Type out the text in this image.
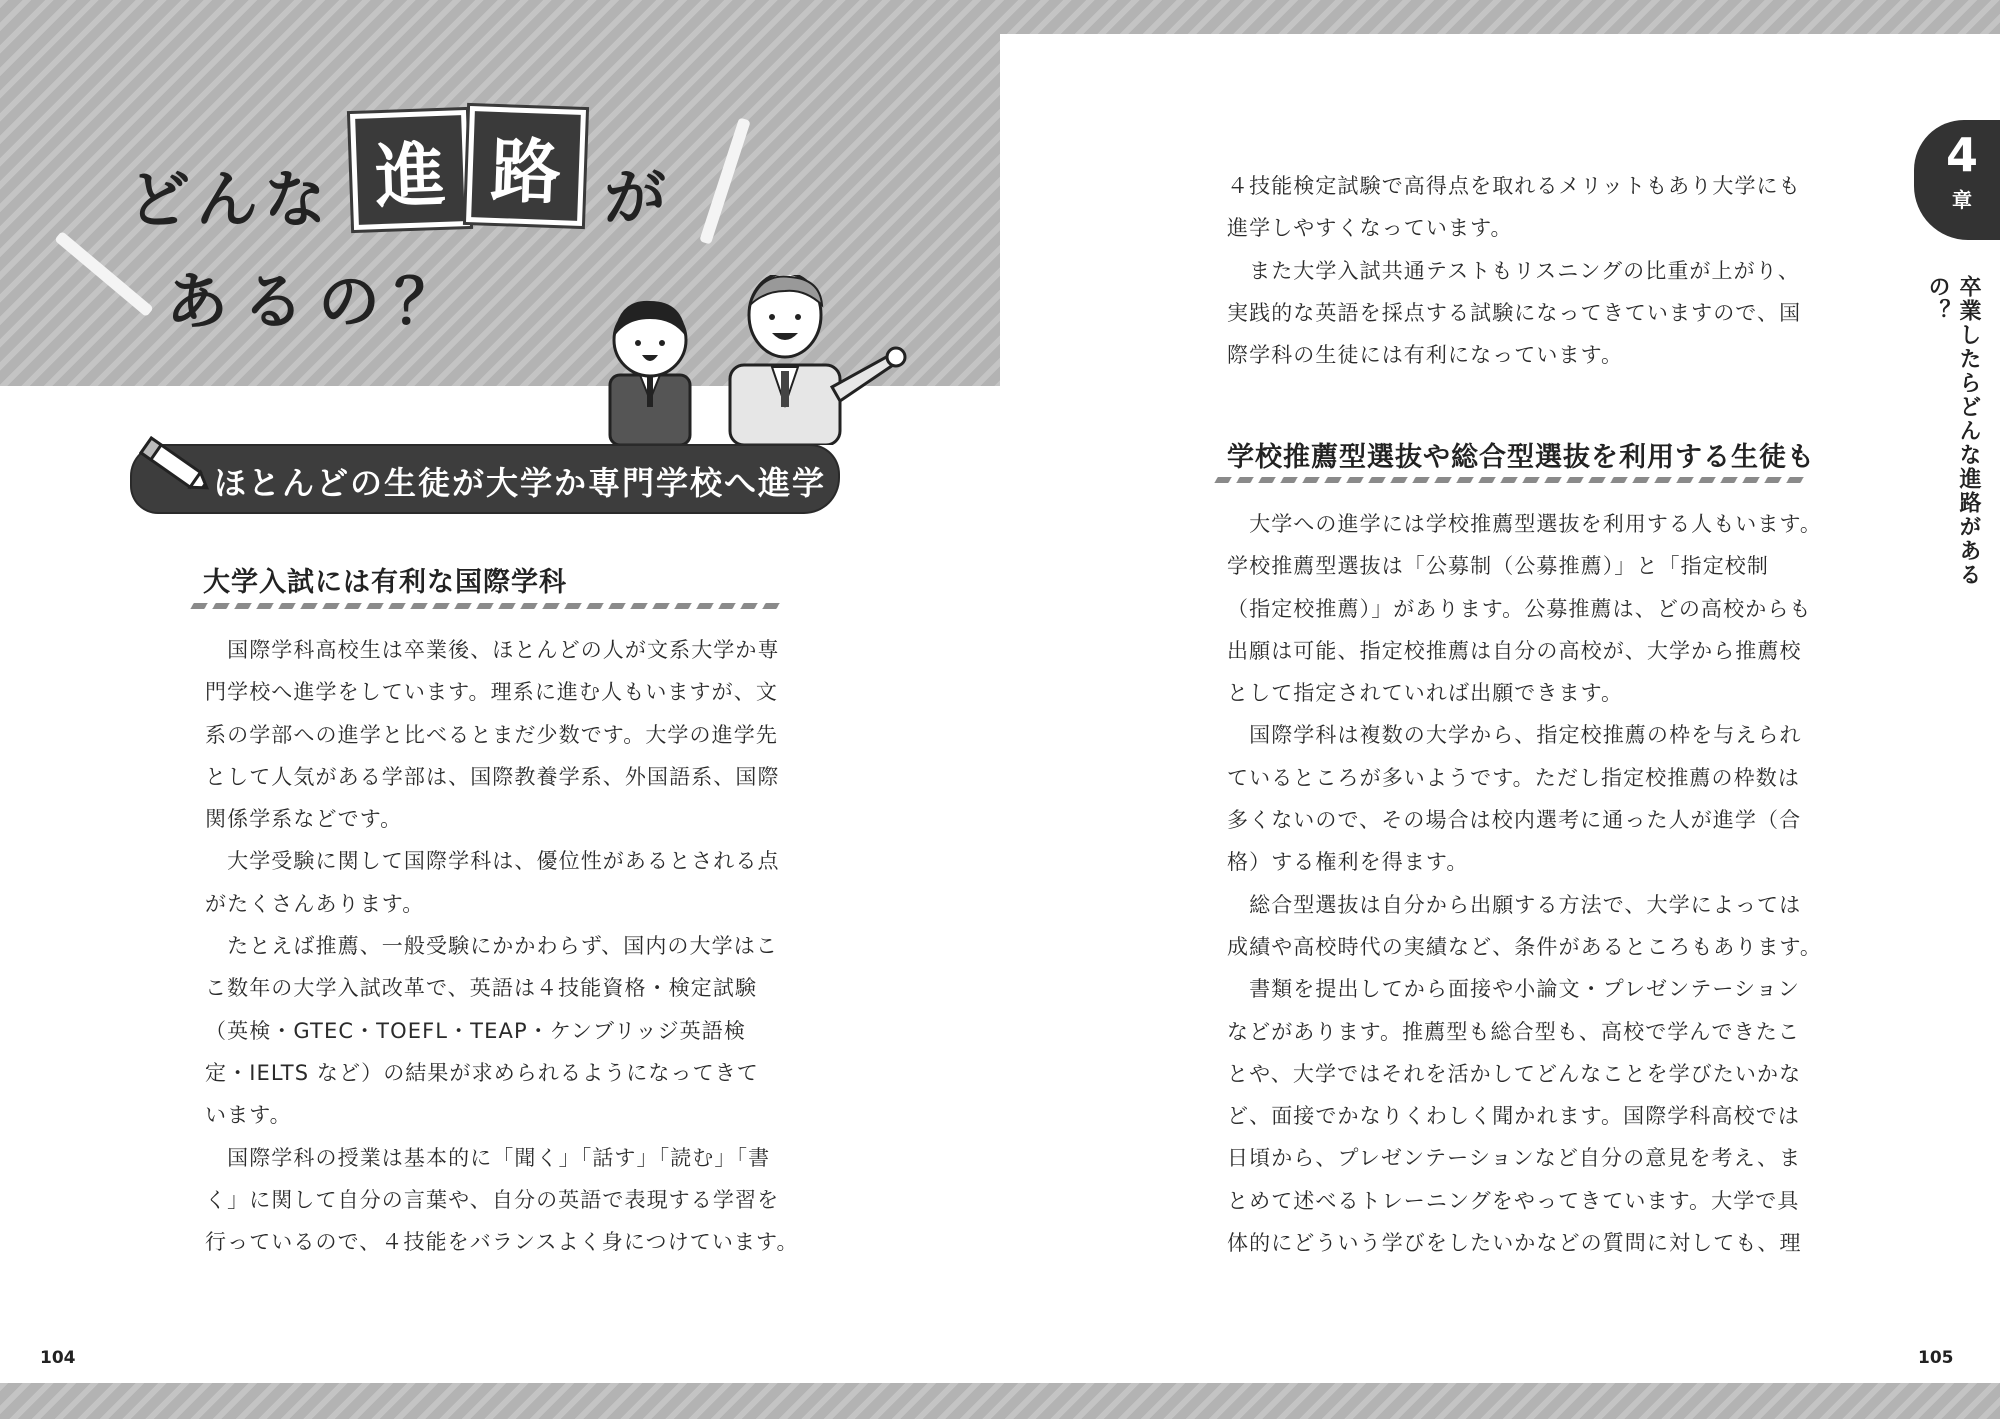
どんな 進 路 が
あるの？
ほとんどの生徒が大学か専門学校へ進学
大学入試には有利な国際学科
　国際学科高校生は卒業後、ほとんどの人が文系大学か専
門学校へ進学をしています。理系に進む人もいますが、文
系の学部への進学と比べるとまだ少数です。大学の進学先
として人気がある学部は、国際教養学系、外国語系、国際
関係学系などです。
　大学受験に関して国際学科は、優位性があるとされる点
がたくさんあります。
　たとえば推薦、一般受験にかかわらず、国内の大学はこ
こ数年の大学入試改革で、英語は４技能資格・検定試験
（英検・GTEC・TOEFL・TEAP・ケンブリッジ英語検
定・IELTS など）の結果が求められるようになってきて
います。
　国際学科の授業は基本的に「聞く」「話す」「読む」「書
く」に関して自分の言葉や、自分の英語で表現する学習を
行っているので、４技能をバランスよく身につけています。
４技能検定試験で高得点を取れるメリットもあり大学にも
進学しやすくなっています。
　また大学入試共通テストもリスニングの比重が上がり、
実践的な英語を採点する試験になってきていますので、国
際学科の生徒には有利になっています。
学校推薦型選抜や総合型選抜を利用する生徒も
　大学への進学には学校推薦型選抜を利用する人もいます。
学校推薦型選抜は「公募制（公募推薦）」と「指定校制
（指定校推薦）」があります。公募推薦は、どの高校からも
出願は可能、指定校推薦は自分の高校が、大学から推薦校
として指定されていれば出願できます。
　国際学科は複数の大学から、指定校推薦の枠を与えられ
ているところが多いようです。ただし指定校推薦の枠数は
多くないので、その場合は校内選考に通った人が進学（合
格）する権利を得ます。
　総合型選抜は自分から出願する方法で、大学によっては
成績や高校時代の実績など、条件があるところもあります。
　書類を提出してから面接や小論文・プレゼンテーション
などがあります。推薦型も総合型も、高校で学んできたこ
とや、大学ではそれを活かしてどんなことを学びたいかな
ど、面接でかなりくわしく聞かれます。国際学科高校では
日頃から、プレゼンテーションなど自分の意見を考え、ま
とめて述べるトレーニングをやってきています。大学で具
体的にどういう学びをしたいかなどの質問に対しても、理
4
章
卒業したらどんな進路があるの？
104	105
